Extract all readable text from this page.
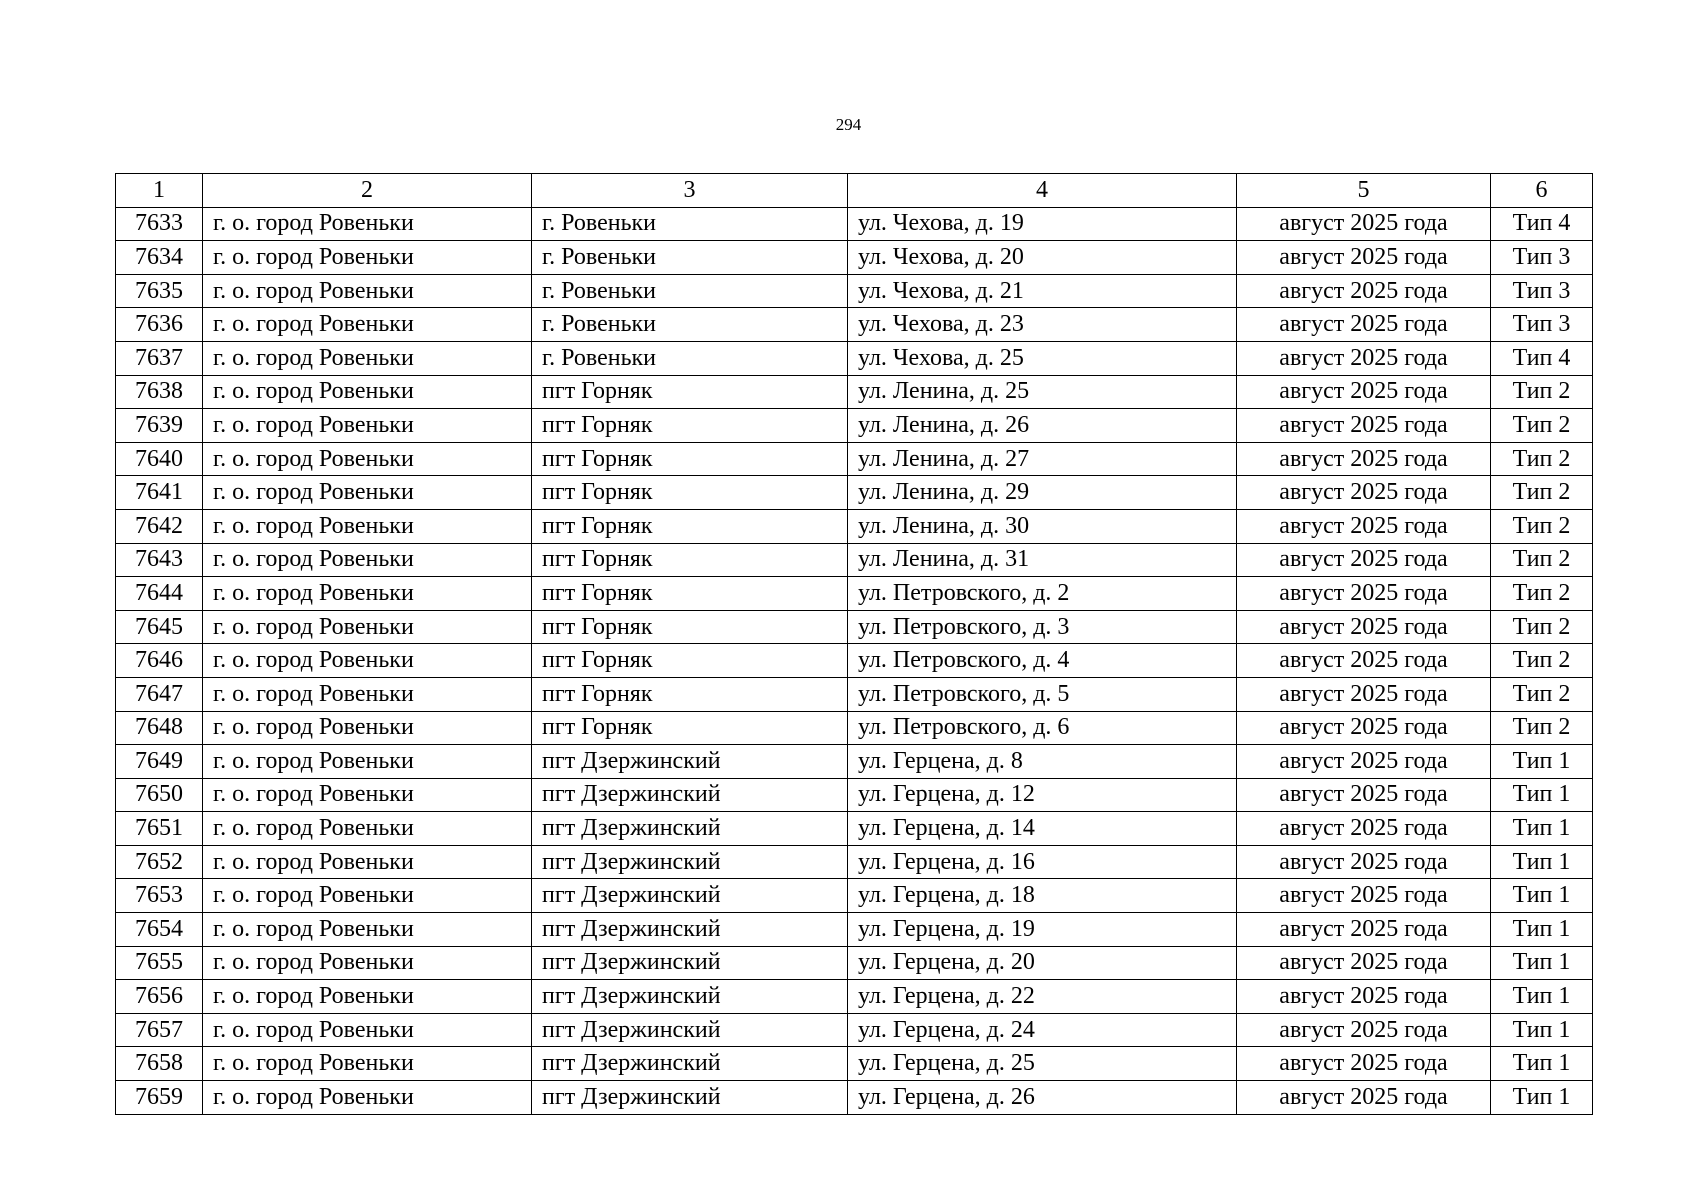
294
1	2	3	4	5	6
7633	г. о. город Ровеньки	г. Ровеньки	ул. Чехова, д. 19	август 2025 года	Тип 4
7634	г. о. город Ровеньки	г. Ровеньки	ул. Чехова, д. 20	август 2025 года	Тип 3
7635	г. о. город Ровеньки	г. Ровеньки	ул. Чехова, д. 21	август 2025 года	Тип 3
7636	г. о. город Ровеньки	г. Ровеньки	ул. Чехова, д. 23	август 2025 года	Тип 3
7637	г. о. город Ровеньки	г. Ровеньки	ул. Чехова, д. 25	август 2025 года	Тип 4
7638	г. о. город Ровеньки	пгт Горняк	ул. Ленина, д. 25	август 2025 года	Тип 2
7639	г. о. город Ровеньки	пгт Горняк	ул. Ленина, д. 26	август 2025 года	Тип 2
7640	г. о. город Ровеньки	пгт Горняк	ул. Ленина, д. 27	август 2025 года	Тип 2
7641	г. о. город Ровеньки	пгт Горняк	ул. Ленина, д. 29	август 2025 года	Тип 2
7642	г. о. город Ровеньки	пгт Горняк	ул. Ленина, д. 30	август 2025 года	Тип 2
7643	г. о. город Ровеньки	пгт Горняк	ул. Ленина, д. 31	август 2025 года	Тип 2
7644	г. о. город Ровеньки	пгт Горняк	ул. Петровского, д. 2	август 2025 года	Тип 2
7645	г. о. город Ровеньки	пгт Горняк	ул. Петровского, д. 3	август 2025 года	Тип 2
7646	г. о. город Ровеньки	пгт Горняк	ул. Петровского, д. 4	август 2025 года	Тип 2
7647	г. о. город Ровеньки	пгт Горняк	ул. Петровского, д. 5	август 2025 года	Тип 2
7648	г. о. город Ровеньки	пгт Горняк	ул. Петровского, д. 6	август 2025 года	Тип 2
7649	г. о. город Ровеньки	пгт Дзержинский	ул. Герцена, д. 8	август 2025 года	Тип 1
7650	г. о. город Ровеньки	пгт Дзержинский	ул. Герцена, д. 12	август 2025 года	Тип 1
7651	г. о. город Ровеньки	пгт Дзержинский	ул. Герцена, д. 14	август 2025 года	Тип 1
7652	г. о. город Ровеньки	пгт Дзержинский	ул. Герцена, д. 16	август 2025 года	Тип 1
7653	г. о. город Ровеньки	пгт Дзержинский	ул. Герцена, д. 18	август 2025 года	Тип 1
7654	г. о. город Ровеньки	пгт Дзержинский	ул. Герцена, д. 19	август 2025 года	Тип 1
7655	г. о. город Ровеньки	пгт Дзержинский	ул. Герцена, д. 20	август 2025 года	Тип 1
7656	г. о. город Ровеньки	пгт Дзержинский	ул. Герцена, д. 22	август 2025 года	Тип 1
7657	г. о. город Ровеньки	пгт Дзержинский	ул. Герцена, д. 24	август 2025 года	Тип 1
7658	г. о. город Ровеньки	пгт Дзержинский	ул. Герцена, д. 25	август 2025 года	Тип 1
7659	г. о. город Ровеньки	пгт Дзержинский	ул. Герцена, д. 26	август 2025 года	Тип 1
